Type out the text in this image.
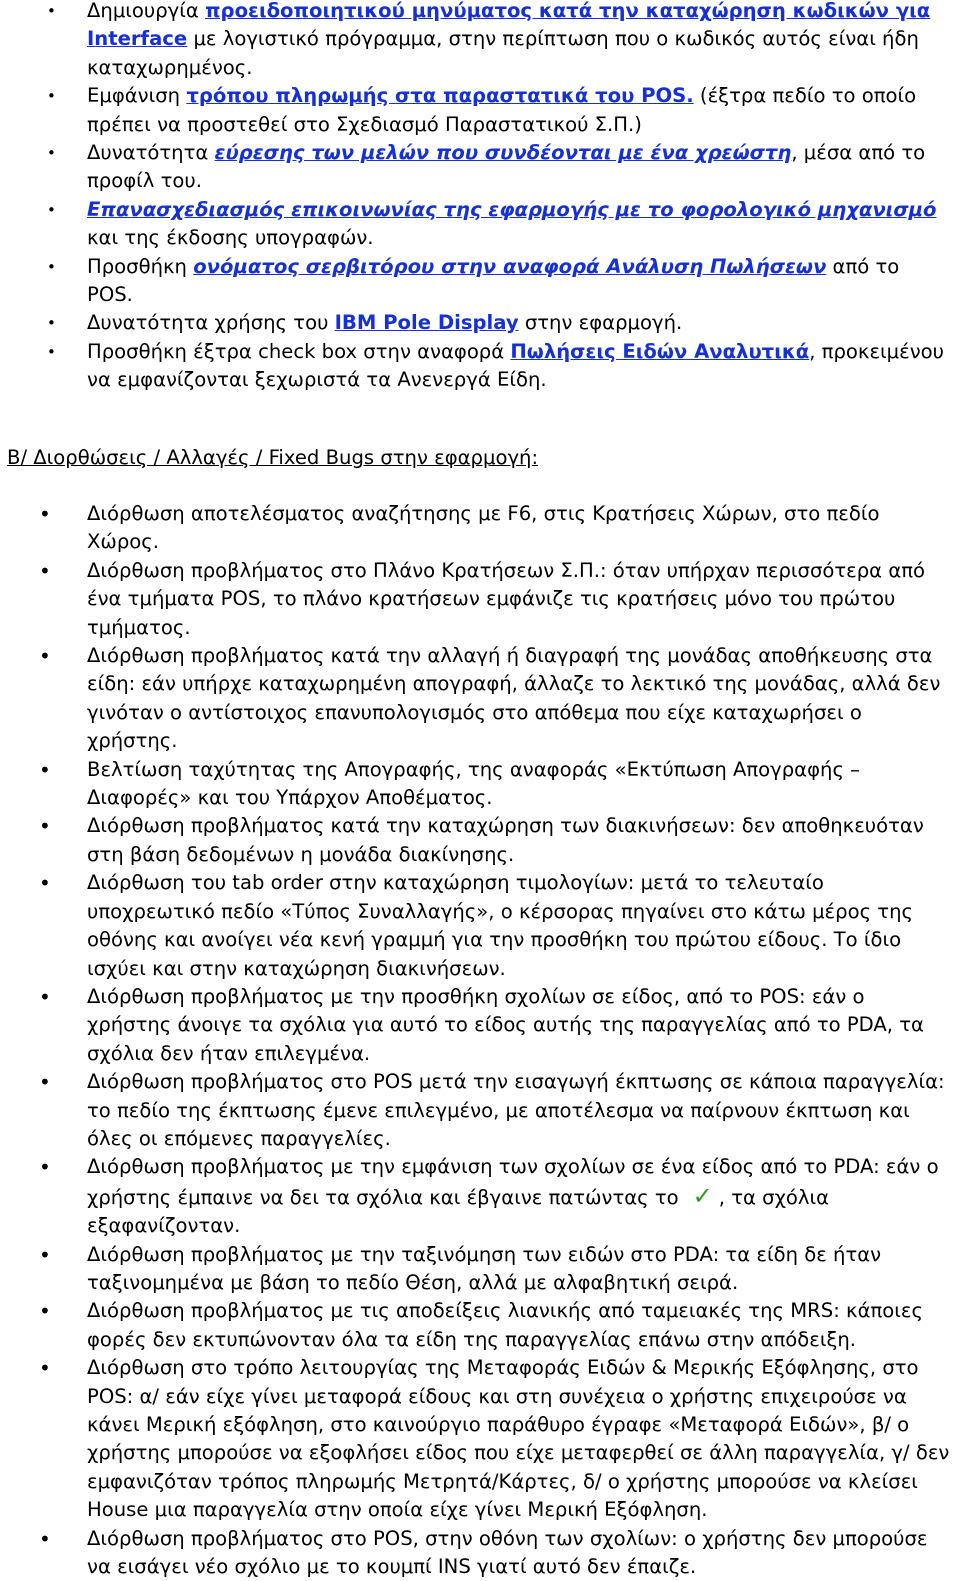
• Δημιουργία προειδοποιητικού μηνύματος κατά την καταχώρηση κωδικών για Interface με λογιστικό πρόγραμμα, στην περίπτωση που ο κωδικός αυτός είναι ήδη καταχωρημένος.
• Εμφάνιση τρόπου πληρωμής στα παραστατικά του POS. (έξτρα πεδίο το οποίο πρέπει να προστεθεί στο Σχεδιασμό Παραστατικού Σ.Π.)
• Δυνατότητα εύρεσης των μελών που συνδέονται με ένα χρεώστη, μέσα από το προφίλ του.
• Επανασχεδιασμός επικοινωνίας της εφαρμογής με το φορολογικό μηχανισμό και της έκδοσης υπογραφών.
• Προσθήκη ονόματος σερβιτόρου στην αναφορά Ανάλυση Πωλήσεων από το POS.
• Δυνατότητα χρήσης του IBM Pole Display στην εφαρμογή.
• Προσθήκη έξτρα check box στην αναφορά Πωλήσεις Ειδών Αναλυτικά, προκειμένου να εμφανίζονται ξεχωριστά τα Ανενεργά Είδη.
Β/ Διορθώσεις / Αλλαγές / Fixed Bugs στην εφαρμογή:
• Διόρθωση αποτελέσματος αναζήτησης με F6, στις Κρατήσεις Χώρων, στο πεδίο Χώρος.
• Διόρθωση προβλήματος στο Πλάνο Κρατήσεων Σ.Π.: όταν υπήρχαν περισσότερα από ένα τμήματα POS, το πλάνο κρατήσεων εμφάνιζε τις κρατήσεις μόνο του πρώτου τμήματος.
• Διόρθωση προβλήματος κατά την αλλαγή ή διαγραφή της μονάδας αποθήκευσης στα είδη: εάν υπήρχε καταχωρημένη απογραφή, άλλαζε το λεκτικό της μονάδας, αλλά δεν γινόταν ο αντίστοιχος επανυπολογισμός στο απόθεμα που είχε καταχωρήσει ο χρήστης.
• Βελτίωση ταχύτητας της Απογραφής, της αναφοράς «Εκτύπωση Απογραφής – Διαφορές» και του Υπάρχον Αποθέματος.
• Διόρθωση προβλήματος κατά την καταχώρηση των διακινήσεων: δεν αποθηκευόταν στη βάση δεδομένων η μονάδα διακίνησης.
• Διόρθωση του tab order στην καταχώρηση τιμολογίων: μετά το τελευταίο υποχρεωτικό πεδίο «Τύπος Συναλλαγής», ο κέρσορας πηγαίνει στο κάτω μέρος της οθόνης και ανοίγει νέα κενή γραμμή για την προσθήκη του πρώτου είδους. Το ίδιο ισχύει και στην καταχώρηση διακινήσεων.
• Διόρθωση προβλήματος με την προσθήκη σχολίων σε είδος, από το POS: εάν ο χρήστης άνοιγε τα σχόλια για αυτό το είδος αυτής της παραγγελίας από το PDA, τα σχόλια δεν ήταν επιλεγμένα.
• Διόρθωση προβλήματος στο POS μετά την εισαγωγή έκπτωσης σε κάποια παραγγελία: το πεδίο της έκπτωσης έμενε επιλεγμένο, με αποτέλεσμα να παίρνουν έκπτωση και όλες οι επόμενες παραγγελίες.
• Διόρθωση προβλήματος με την εμφάνιση των σχολίων σε ένα είδος από το PDA: εάν ο χρήστης έμπαινε να δει τα σχόλια και έβγαινε πατώντας το ✓ , τα σχόλια εξαφανίζονταν.
• Διόρθωση προβλήματος με την ταξινόμηση των ειδών στο PDA: τα είδη δε ήταν ταξινομημένα με βάση το πεδίο Θέση, αλλά με αλφαβητική σειρά.
• Διόρθωση προβλήματος με τις αποδείξεις λιανικής από ταμειακές της MRS: κάποιες φορές δεν εκτυπώνονταν όλα τα είδη της παραγγελίας επάνω στην απόδειξη.
• Διόρθωση στο τρόπο λειτουργίας της Μεταφοράς Ειδών & Μερικής Εξόφλησης, στο POS: α/ εάν είχε γίνει μεταφορά είδους και στη συνέχεια ο χρήστης επιχειρούσε να κάνει Μερική εξόφληση, στο καινούργιο παράθυρο έγραφε «Μεταφορά Ειδών», β/ ο χρήστης μπορούσε να εξοφλήσει είδος που είχε μεταφερθεί σε άλλη παραγγελία, γ/ δεν εμφανιζόταν τρόπος πληρωμής Μετρητά/Κάρτες, δ/ ο χρήστης μπορούσε να κλείσει House μια παραγγελία στην οποία είχε γίνει Μερική Εξόφληση.
• Διόρθωση προβλήματος στο POS, στην οθόνη των σχολίων: ο χρήστης δεν μπορούσε να εισάγει νέο σχόλιο με το κουμπί INS γιατί αυτό δεν έπαιζε.
